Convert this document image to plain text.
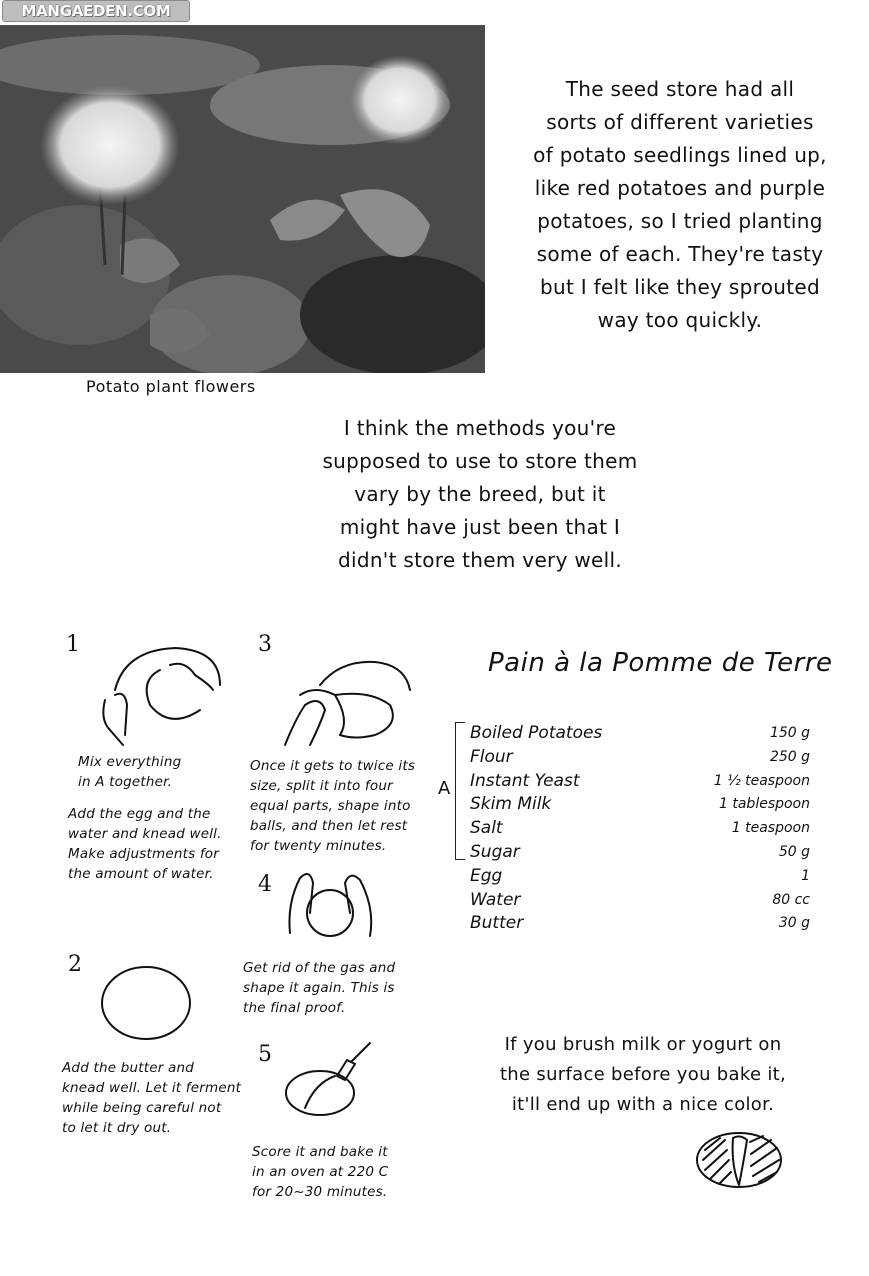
MANGAEDEN.COM
Potato plant flowers
The seed store had all
sorts of different varieties
of potato seedlings lined up,
like red potatoes and purple
potatoes, so I tried planting
some of each. They're tasty
but I felt like they sprouted
way too quickly.
I think the methods you're
supposed to use to store them
vary by the breed, but it
might have just been that I
didn't store them very well.
1
Mix everything
in A together.
Add the egg and the
water and knead well.
Make adjustments for
the amount of water.
2
Add the butter and
knead well. Let it ferment
while being careful not
to let it dry out.
3
Once it gets to twice its
size, split it into four
equal parts, shape into
balls, and then let rest
for twenty minutes.
4
Get rid of the gas and
shape it again. This is
the final proof.
5
Score it and bake it
in an oven at 220 C
for 20~30 minutes.
Pain à la Pomme de Terre
A
Boiled Potatoes	150 g
Flour	250 g
Instant Yeast	1 ½ teaspoon
Skim Milk	1 tablespoon
Salt	1 teaspoon
Sugar	50 g
Egg	1
Water	80 cc
Butter	30 g
If you brush milk or yogurt on
the surface before you bake it,
it'll end up with a nice color.
